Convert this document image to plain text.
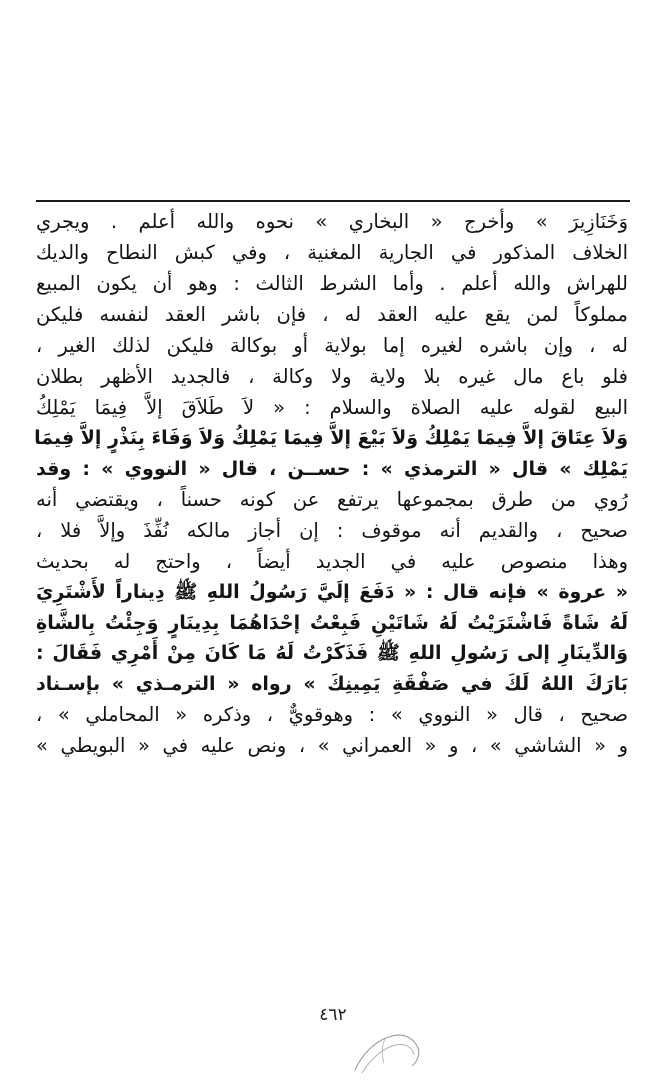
وَخَنَازِيرَ » وأخرج « البخاري » نحوه والله أعلم . ويجري
الخلاف المذكور في الجارية المغنية ، وفي كبش النطاح والديك
للهراش والله أعلم . وأما الشرط الثالث : وهو أن يكون المبيع
مملوكاً لمن يقع عليه العقد له ، فإن باشر العقد لنفسه فليكن
له ، وإن باشره لغيره إما بولاية أو بوكالة فليكن لذلك الغير ،
فلو باع مال غيره بلا ولاية ولا وكالة ، فالجديد الأظهر بطلان
البيع لقوله عليه الصلاة والسلام : « لاَ طَلاَقَ إلاَّ فِيمَا يَمْلِكُ
وَلاَ عِتَاقَ إلاَّ فِيمَا يَمْلِكُ وَلاَ بَيْعَ إلاَّ فِيمَا يَمْلِكُ وَلاَ وَفَاءَ بِنَذْرٍ إلاَّ فِيمَا
يَمْلِك » قال « الترمذي » : حســن ، قال « النووي » : وقد
رُوي من طرق بمجموعها يرتفع عن كونه حسناً ، ويقتضي أنه
صحيح ، والقديم أنه موقوف : إن أجاز مالكه نُفِّذَ وإلاَّ فلا ،
وهذا منصوص عليه في الجديد أيضاً ، واحتج له بحديث
« عروة » فإنه قال : « دَفَعَ إلَيَّ رَسُولُ اللهِ ﷺ دِيناراً لأَشْتَرِيَ
لَهُ شَاةً فَاشْتَرَيْتُ لَهُ شَاتَيْنِ فَبِعْتُ إحْدَاهُمَا بِدِينَارٍ وَجِئْتُ بِالشَّاةِ
وَالدِّينَارِ إلى رَسُولِ اللهِ ﷺ فَذَكَرْتُ لَهُ مَا كَانَ مِنْ أَمْرِي فَقَالَ :
بَارَكَ اللهُ لَكَ في صَفْقَةِ يَمِينِكَ » رواه « الترمـذي » بإسـناد
صحيح ، قال « النووي » : وهوقويٌّ ، وذكره « المحاملي » ،
و « الشاشي » ، و « العمراني » ، ونص عليه في « البويطي »
٤٦٢
